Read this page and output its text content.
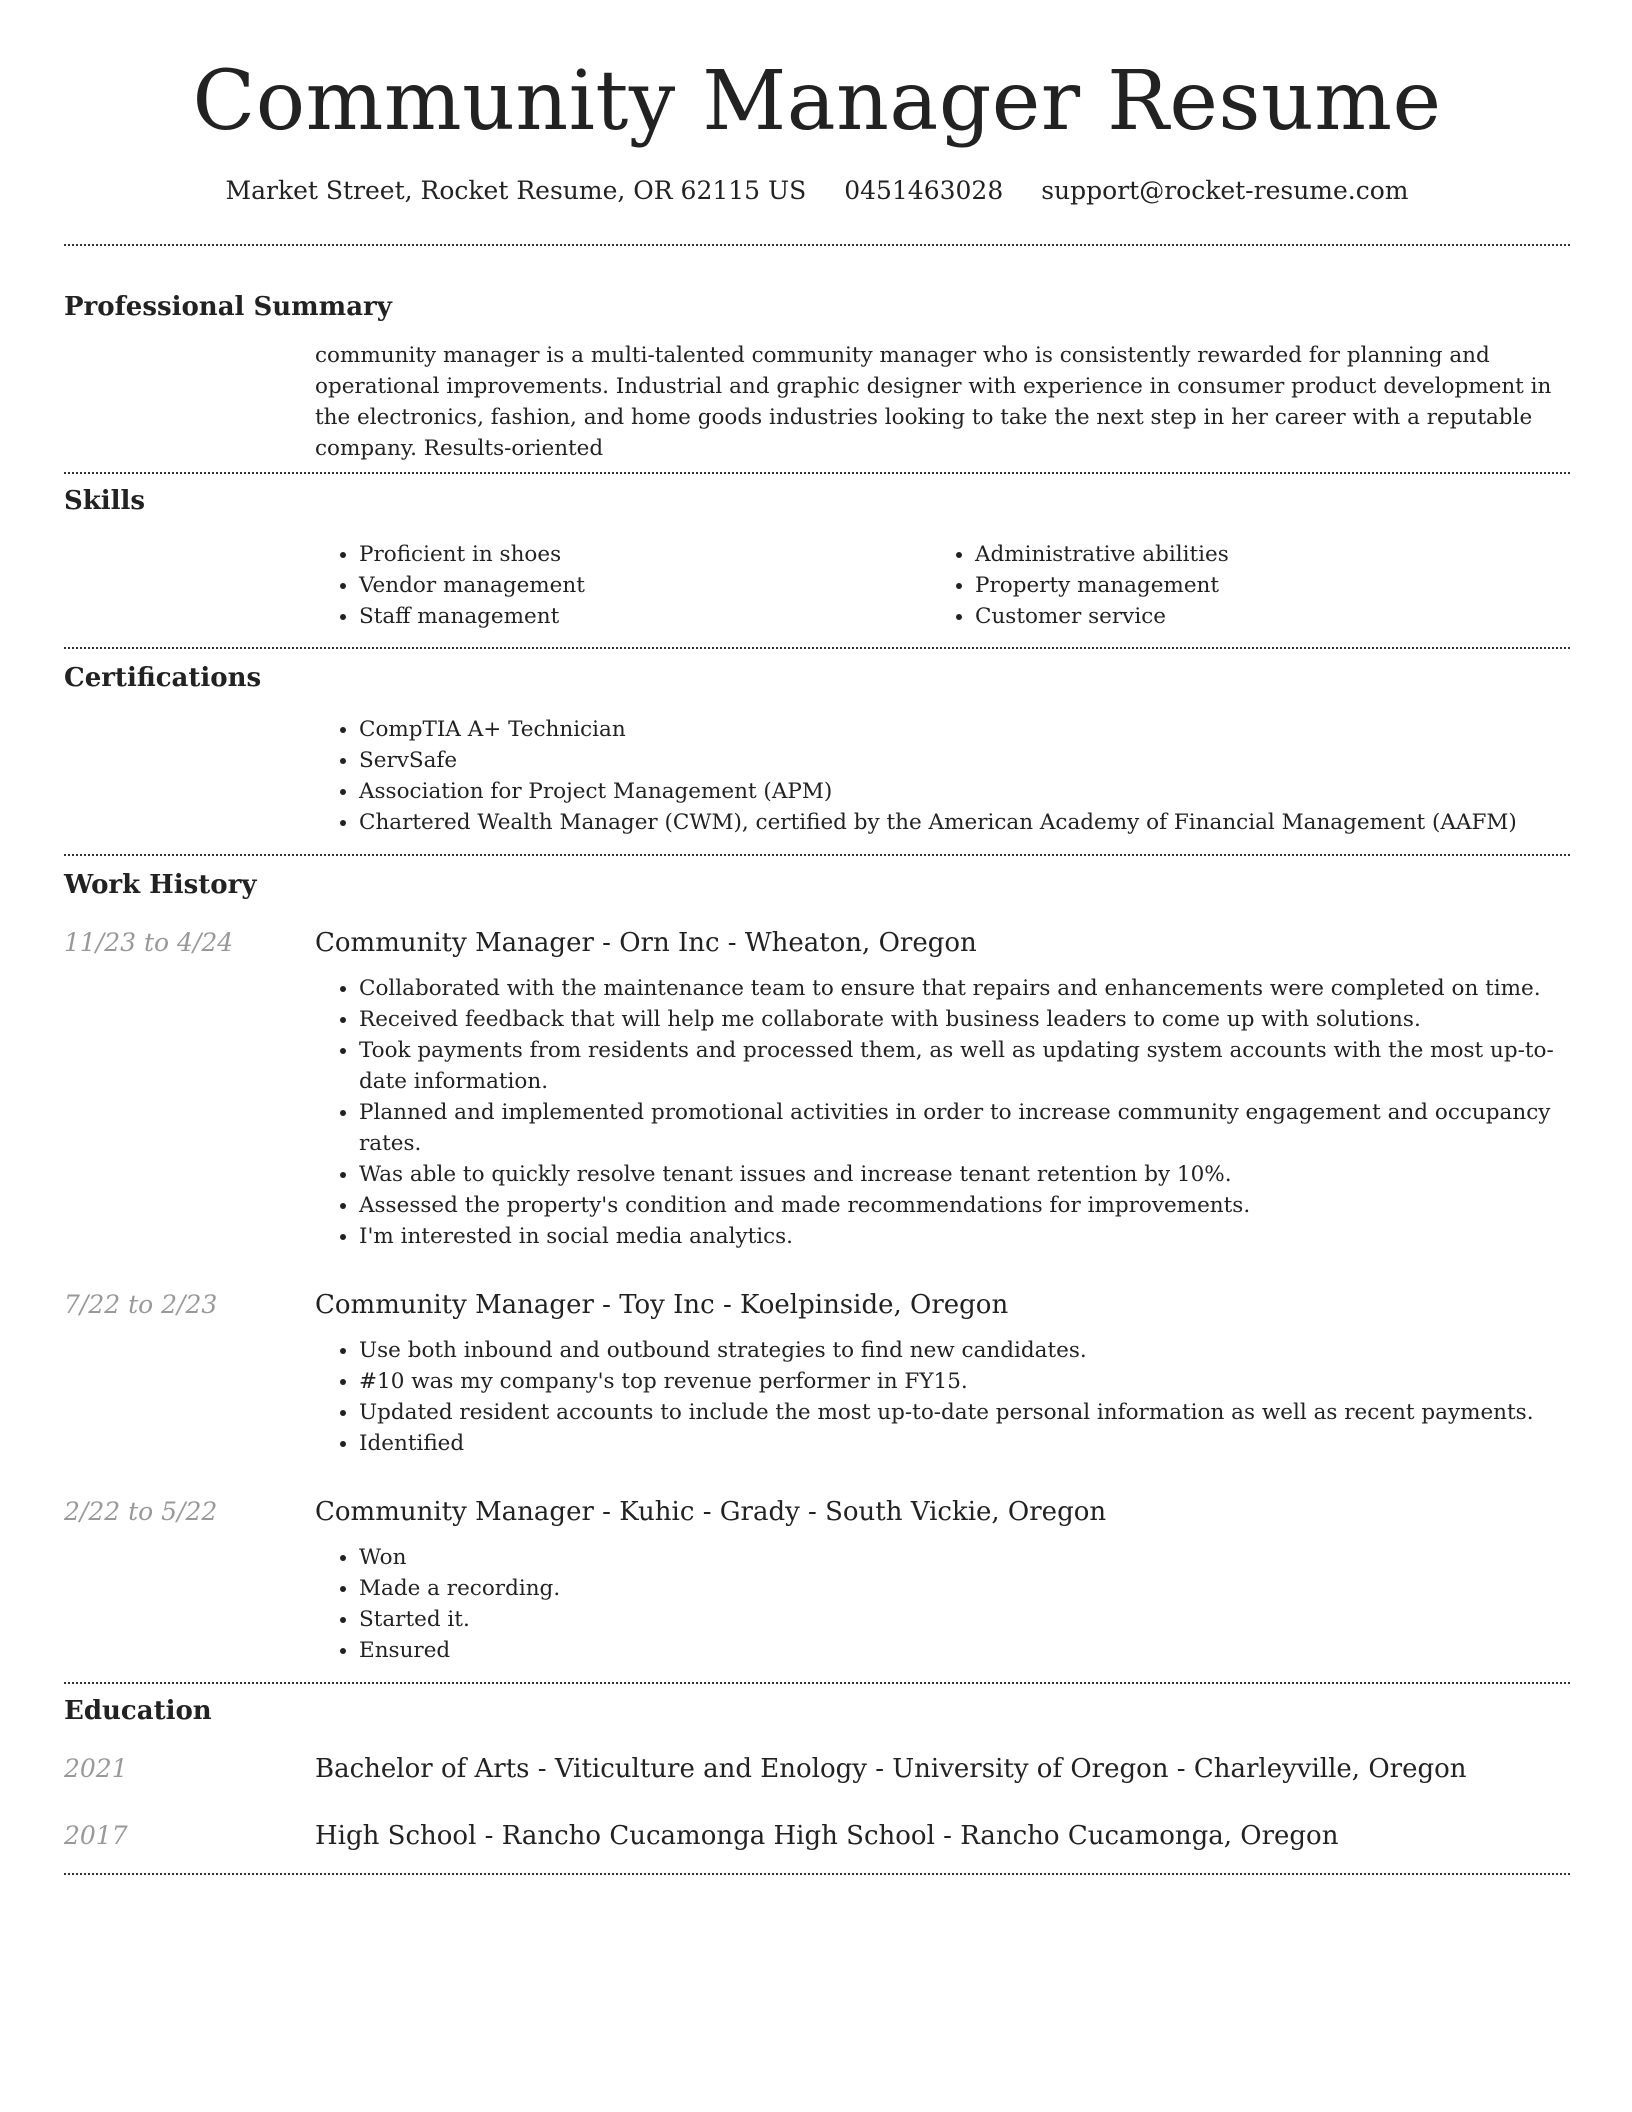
Community Manager Resume
Market Street, Rocket Resume, OR 62115 US 0451463028 support@rocket-resume.com
Professional Summary

community manager is a multi-talented community manager who is consistently rewarded for planning and operational improvements. Industrial and graphic designer with experience in consumer product development in the electronics, fashion, and home goods industries looking to take the next step in her career with a reputable company. Results-oriented

Skills
• Proficient in shoes
• Vendor management
• Staff management
• Administrative abilities
• Property management
• Customer service
Certifications
• CompTIA A+ Technician
• ServSafe
• Association for Project Management (APM)
• Chartered Wealth Manager (CWM), certified by the American Academy of Financial Management (AAFM)
Work History
11/23 to 4/24	Community Manager - Orn Inc - Wheaton, Oregon
• Collaborated with the maintenance team to ensure that repairs and enhancements were completed on time.
• Received feedback that will help me collaborate with business leaders to come up with solutions.
• Took payments from residents and processed them, as well as updating system accounts with the most up-to-date information.
• Planned and implemented promotional activities in order to increase community engagement and occupancy rates.
• Was able to quickly resolve tenant issues and increase tenant retention by 10%.
• Assessed the property's condition and made recommendations for improvements.
• I'm interested in social media analytics.
7/22 to 2/23	Community Manager - Toy Inc - Koelpinside, Oregon
• Use both inbound and outbound strategies to find new candidates.
• #10 was my company's top revenue performer in FY15.
• Updated resident accounts to include the most up-to-date personal information as well as recent payments.
• Identified
2/22 to 5/22	Community Manager - Kuhic - Grady - South Vickie, Oregon
• Won
• Made a recording.
• Started it.
• Ensured
Education
2021	Bachelor of Arts - Viticulture and Enology - University of Oregon - Charleyville, Oregon
2017	High School - Rancho Cucamonga High School - Rancho Cucamonga, Oregon
